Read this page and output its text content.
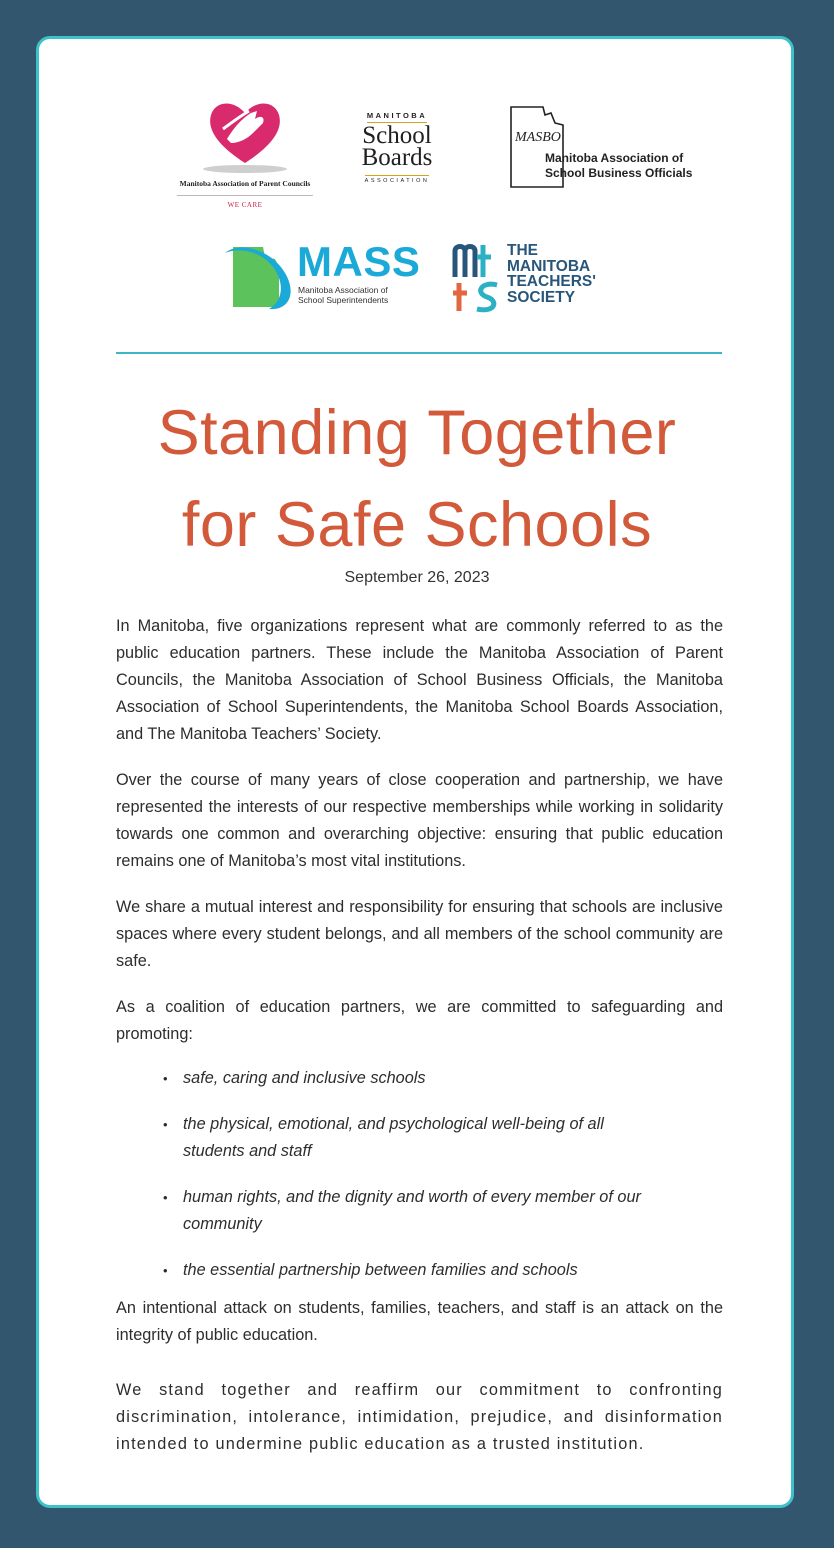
Manitoba Association of Parent Councils
WE CARE
MANITOBA
School Boards
ASSOCIATION
MASBO
Manitoba Association of
School Business Officials
MASS
Manitoba Association of
School Superintendents
THE
MANITOBA
TEACHERS'
SOCIETY
Standing Together
for Safe Schools
September 26, 2023

In Manitoba, five organizations represent what are commonly referred to as the public education partners. These include the Manitoba Association of Parent Councils, the Manitoba Association of School Business Officials, the Manitoba Association of School Superintendents, the Manitoba School Boards Association, and The Manitoba Teachers’ Society.

Over the course of many years of close cooperation and partnership, we have represented the interests of our respective memberships while working in solidarity towards one common and overarching objective: ensuring that public education remains one of Manitoba’s most vital institutions.

We share a mutual interest and responsibility for ensuring that schools are inclusive spaces where every student belongs, and all members of the school community are safe.

As a coalition of education partners, we are committed to safeguarding and promoting:

• safe, caring and inclusive schools
• the physical, emotional, and psychological well-being of all students and staff
• human rights, and the dignity and worth of every member of our community
• the essential partnership between families and schools

An intentional attack on students, families, teachers, and staff is an attack on the integrity of public education.

We stand together and reaffirm our commitment to confronting discrimination, intolerance, intimidation, prejudice, and disinformation intended to undermine public education as a trusted institution.
